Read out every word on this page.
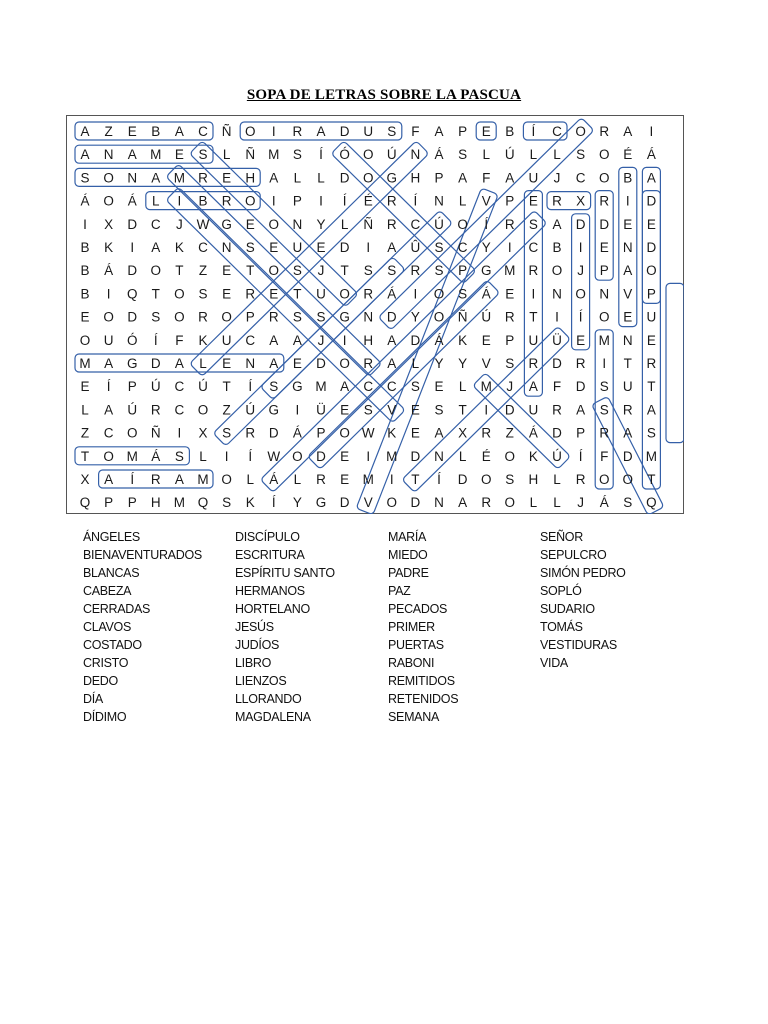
SOPA DE LETRAS SOBRE LA PASCUA
A Z E B A C Ñ O I R A D U S F A P E B Í C O R A I
A N A M E S L Ñ M S Í Ó O Ú N Á S L Ú L L S O É Á
S O N A M R E H A L L D O G H P A F A U J C O B A
Á O Á L I B R O I P I Í É R Í N L V P E R X R I D
I X D C J W G E O N Y L Ñ R C Ú O Í R S A D D E E
B K I A K C N S E U E D I A Û S C Y I C B I E N D
B Á D O T Z E T O S J T S S R S P G M R O J P A O
B I Q T O S E R E T U O R Á I O S Á E I N O N V P
E O D S O R O P R S S G N D Y O Ñ Ú R T I Í O E U
O U Ó Í F K U C A A J I H A D Á K E P U Ü E M N E
M A G D A L E N A E D O R A L Y Y V S R D R I T R
E Í P Ú C Ú T Í S G M A C C S E L M J A F D S U T
L A Ú R C O Z Ú G I Ü E S V E S T I D U R A S R A
Z C O Ñ I X S R D Á P O W K E A X R Z Á D P R A S
T O M Á S L I Í W O D E I M D N L É O K Ú Í F D M
X A Í R A M O L Á L R E M I T Í D O S H L R O O T
Q P P H M Q S K Í Y G D V O D N A R O L L J Á S Q
ÁNGELES
BIENAVENTURADOS
BLANCAS
CABEZA
CERRADAS
CLAVOS
COSTADO
CRISTO
DEDO
DÍA
DÍDIMO
DISCÍPULO
ESCRITURA
ESPÍRITU SANTO
HERMANOS
HORTELANO
JESÚS
JUDÍOS
LIBRO
LIENZOS
LLORANDO
MAGDALENA
MARÍA
MIEDO
PADRE
PAZ
PECADOS
PRIMER
PUERTAS
RABONI
REMITIDOS
RETENIDOS
SEMANA
SEÑOR
SEPULCRO
SIMÓN PEDRO
SOPLÓ
SUDARIO
TOMÁS
VESTIDURAS
VIDA
